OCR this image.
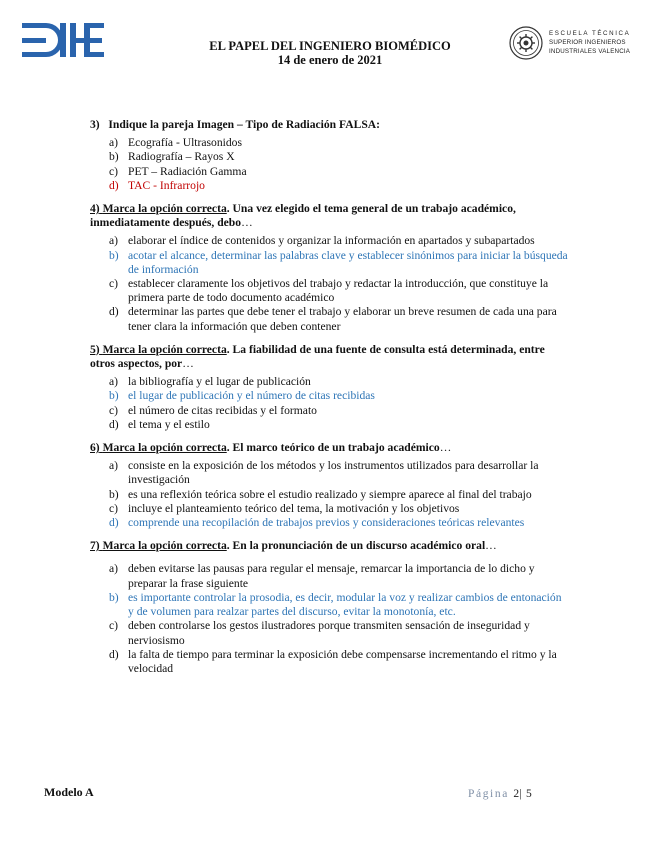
EL PAPEL DEL INGENIERO BIOMÉDICO
14 de enero de 2021
ESCUELA TÉCNICA
SUPERIOR INGENIEROS
INDUSTRIALES VALENCIA
3) Indique la pareja Imagen – Tipo de Radiación FALSA:
a) Ecografía - Ultrasonidos
b) Radiografía – Rayos X
c) PET – Radiación Gamma
d) TAC - Infrarrojo
4) Marca la opción correcta. Una vez elegido el tema general de un trabajo académico, inmediatamente después, debo…
a) elaborar el índice de contenidos y organizar la información en apartados y subapartados
b) acotar el alcance, determinar las palabras clave y establecer sinónimos para iniciar la búsqueda de información
c) establecer claramente los objetivos del trabajo y redactar la introducción, que constituye la primera parte de todo documento académico
d) determinar las partes que debe tener el trabajo y elaborar un breve resumen de cada una para tener clara la información que deben contener
5) Marca la opción correcta. La fiabilidad de una fuente de consulta está determinada, entre otros aspectos, por…
a) la bibliografía y el lugar de publicación
b) el lugar de publicación y el número de citas recibidas
c) el número de citas recibidas y el formato
d) el tema y el estilo
6) Marca la opción correcta. El marco teórico de un trabajo académico…
a) consiste en la exposición de los métodos y los instrumentos utilizados para desarrollar la investigación
b) es una reflexión teórica sobre el estudio realizado y siempre aparece al final del trabajo
c) incluye el planteamiento teórico del tema, la motivación y los objetivos
d) comprende una recopilación de trabajos previos y consideraciones teóricas relevantes
7) Marca la opción correcta. En la pronunciación de un discurso académico oral…
a) deben evitarse las pausas para regular el mensaje, remarcar la importancia de lo dicho y preparar la frase siguiente
b) es importante controlar la prosodia, es decir, modular la voz y realizar cambios de entonación y de volumen para realzar partes del discurso, evitar la monotonía, etc.
c) deben controlarse los gestos ilustradores porque transmiten sensación de inseguridad y nerviosismo
d) la falta de tiempo para terminar la exposición debe compensarse incrementando el ritmo y la velocidad
Modelo A	Página 2| 5
